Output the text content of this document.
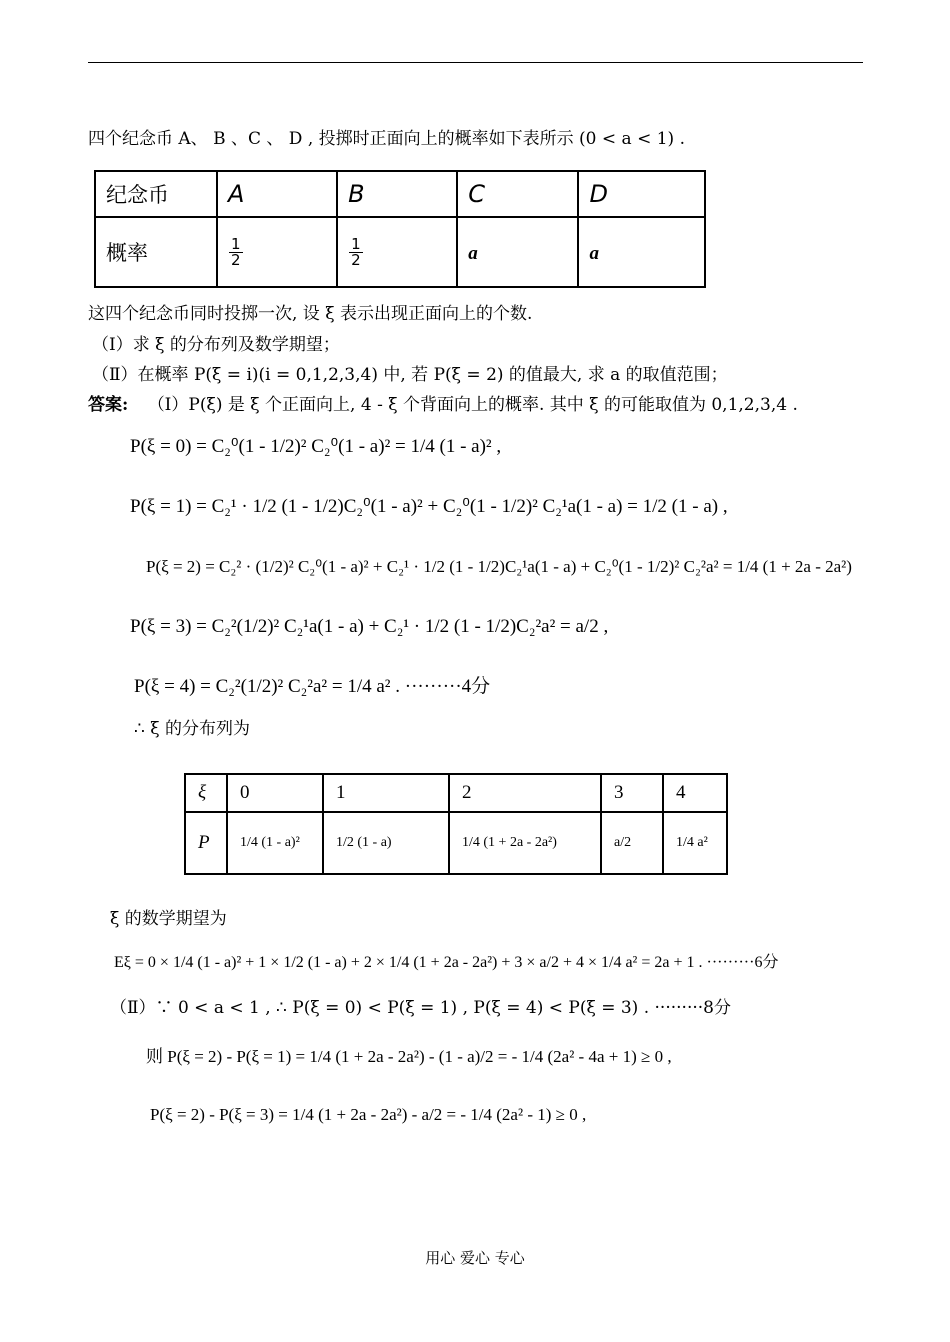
四个纪念币 A、 B 、C 、 D , 投掷时正面向上的概率如下表所示 (0 < a < 1) .
纪念币	A	B	C	D
概率	$\frac{1}{2}$	$\frac{1}{2}$	a	a
这四个纪念币同时投掷一次, 设 ξ 表示出现正面向上的个数.
（Ⅰ）求 ξ 的分布列及数学期望；
（Ⅱ）在概率 P(ξ = i)(i = 0,1,2,3,4) 中, 若 P(ξ = 2) 的值最大, 求 a 的取值范围；
答案: （Ⅰ）P(ξ) 是 ξ 个正面向上, 4 - ξ 个背面向上的概率. 其中 ξ 的可能取值为 0,1,2,3,4 .
P(ξ = 0) = C₂⁰(1 - 1/2)² C₂⁰(1 - a)² = 1/4 (1 - a)² ,
P(ξ = 1) = C₂¹ · 1/2 (1 - 1/2)C₂⁰(1 - a)² + C₂⁰(1 - 1/2)² C₂¹a(1 - a) = 1/2 (1 - a) ,
P(ξ = 2) = C₂² · (1/2)² C₂⁰(1 - a)² + C₂¹ · 1/2 (1 - 1/2)C₂¹a(1 - a) + C₂⁰(1 - 1/2)² C₂²a² = 1/4 (1 + 2a - 2a²)
P(ξ = 3) = C₂²(1/2)² C₂¹a(1 - a) + C₂¹ · 1/2 (1 - 1/2)C₂²a² = a/2 ,
P(ξ = 4) = C₂²(1/2)² C₂²a² = 1/4 a² . ·········4分
∴ ξ 的分布列为
ξ	0	1	2	3	4
P	1/4 (1 - a)²	1/2 (1 - a)	1/4 (1 + 2a - 2a²)	a/2	1/4 a²
ξ 的数学期望为
Eξ = 0 × 1/4 (1 - a)² + 1 × 1/2 (1 - a) + 2 × 1/4 (1 + 2a - 2a²) + 3 × a/2 + 4 × 1/4 a² = 2a + 1 . ·········6分
（Ⅱ）∵ 0 < a < 1 , ∴ P(ξ = 0) < P(ξ = 1) , P(ξ = 4) < P(ξ = 3) . ·········8分
则 P(ξ = 2) - P(ξ = 1) = 1/4 (1 + 2a - 2a²) - (1 - a)/2 = - 1/4 (2a² - 4a + 1) ≥ 0 ,
P(ξ = 2) - P(ξ = 3) = 1/4 (1 + 2a - 2a²) - a/2 = - 1/4 (2a² - 1) ≥ 0 ,
用心 爱心 专心
